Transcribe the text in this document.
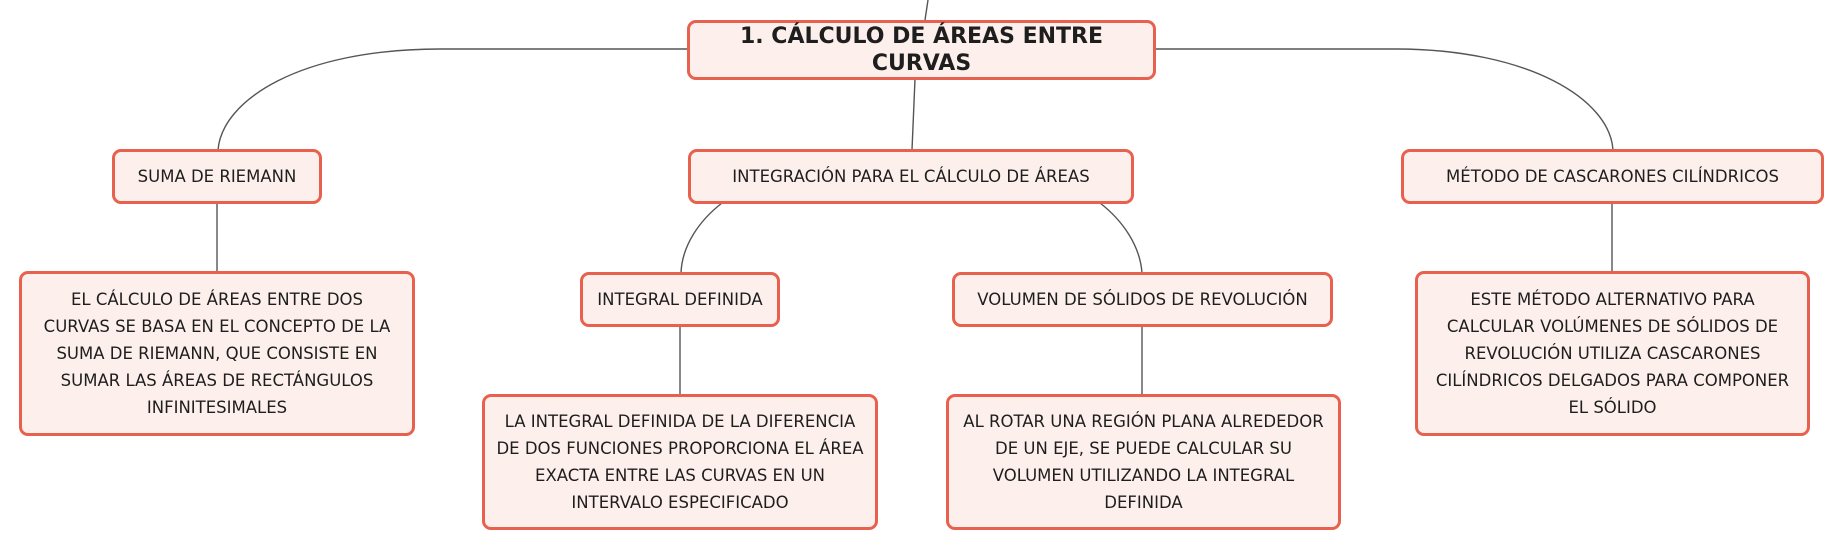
1. CÁLCULO DE ÁREAS ENTRE CURVAS
SUMA DE RIEMANN	INTEGRACIÓN PARA EL CÁLCULO DE ÁREAS	MÉTODO DE CASCARONES CILÍNDRICOS
EL CÁLCULO DE ÁREAS ENTRE DOS CURVAS SE BASA EN EL CONCEPTO DE LA SUMA DE RIEMANN, QUE CONSISTE EN SUMAR LAS ÁREAS DE RECTÁNGULOS INFINITESIMALES
INTEGRAL DEFINIDA	VOLUMEN DE SÓLIDOS DE REVOLUCIÓN	ESTE MÉTODO ALTERNATIVO PARA CALCULAR VOLÚMENES DE SÓLIDOS DE REVOLUCIÓN UTILIZA CASCARONES CILÍNDRICOS DELGADOS PARA COMPONER EL SÓLIDO
LA INTEGRAL DEFINIDA DE LA DIFERENCIA DE DOS FUNCIONES PROPORCIONA EL ÁREA EXACTA ENTRE LAS CURVAS EN UN INTERVALO ESPECIFICADO
AL ROTAR UNA REGIÓN PLANA ALREDEDOR DE UN EJE, SE PUEDE CALCULAR SU VOLUMEN UTILIZANDO LA INTEGRAL DEFINIDA
